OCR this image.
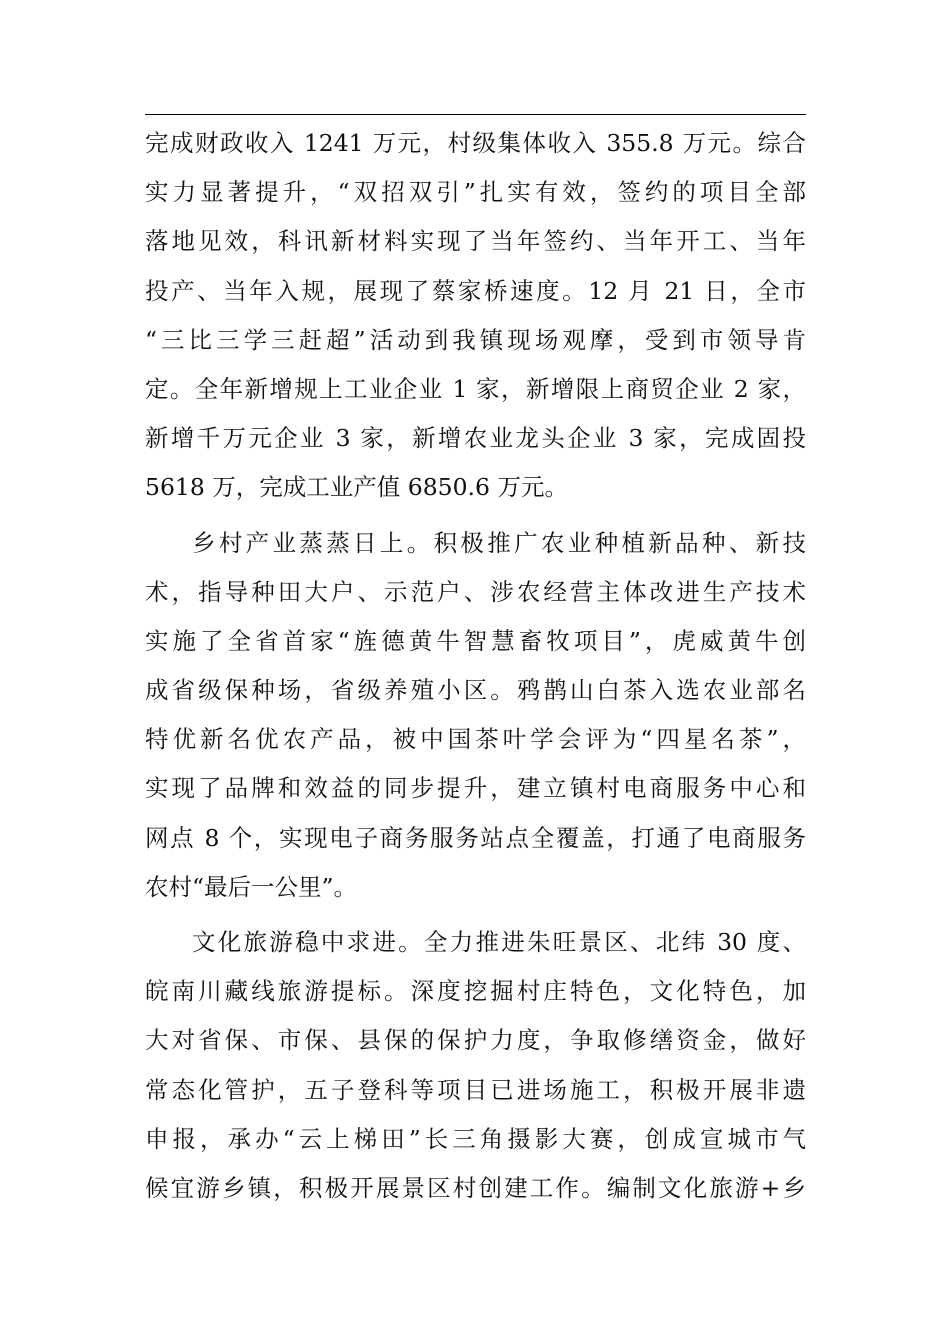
完成财政收入 1241 万元，村级集体收入 355.8 万元。综合
实力显著提升，“双招双引”扎实有效，签约的项目全部
落地见效，科讯新材料实现了当年签约、当年开工、当年
投产、当年入规，展现了蔡家桥速度。12 月 21 日，全市
“三比三学三赶超”活动到我镇现场观摩，受到市领导肯
定。全年新增规上工业企业 1 家，新增限上商贸企业 2 家，
新增千万元企业 3 家，新增农业龙头企业 3 家，完成固投
5618 万，完成工业产值 6850.6 万元。
乡村产业蒸蒸日上。积极推广农业种植新品种、新技
术，指导种田大户、示范户、涉农经营主体改进生产技术
实施了全省首家“旌德黄牛智慧畜牧项目”，虎威黄牛创
成省级保种场，省级养殖小区。鸦鹊山白茶入选农业部名
特优新名优农产品，被中国茶叶学会评为“四星名茶”，
实现了品牌和效益的同步提升，建立镇村电商服务中心和
网点 8 个，实现电子商务服务站点全覆盖，打通了电商服务
农村“最后一公里”。
文化旅游稳中求进。全力推进朱旺景区、北纬 30 度、
皖南川藏线旅游提标。深度挖掘村庄特色，文化特色，加
大对省保、市保、县保的保护力度，争取修缮资金，做好
常态化管护，五子登科等项目已进场施工，积极开展非遗
申报，承办“云上梯田”长三角摄影大赛，创成宣城市气
候宜游乡镇，积极开展景区村创建工作。编制文化旅游+乡
